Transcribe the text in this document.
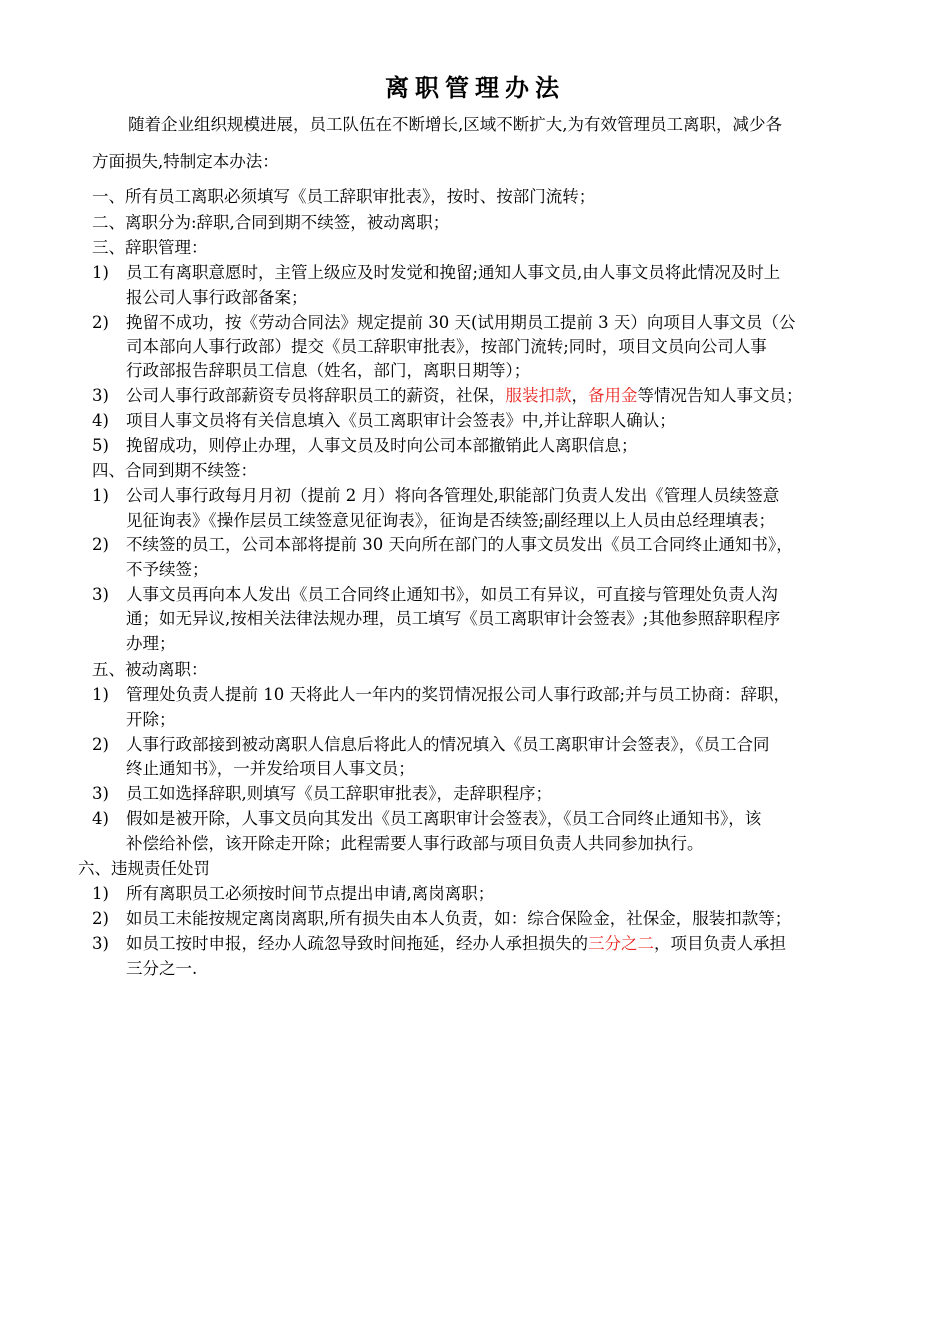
离职管理办法
随着企业组织规模进展，员工队伍在不断增长,区域不断扩大,为有效管理员工离职，减少各
方面损失,特制定本办法：
一、所有员工离职必须填写《员工辞职审批表》，按时、按部门流转；
二、离职分为:辞职,合同到期不续签，被动离职；
三、辞职管理：
1) 员工有离职意愿时，主管上级应及时发觉和挽留;通知人事文员,由人事文员将此情况及时上
报公司人事行政部备案；
2) 挽留不成功，按《劳动合同法》规定提前 30 天(试用期员工提前 3 天）向项目人事文员（公
司本部向人事行政部）提交《员工辞职审批表》，按部门流转;同时，项目文员向公司人事
行政部报告辞职员工信息（姓名，部门，离职日期等）；
3) 公司人事行政部薪资专员将辞职员工的薪资，社保，服装扣款，备用金等情况告知人事文员；
4) 项目人事文员将有关信息填入《员工离职审计会签表》中,并让辞职人确认；
5) 挽留成功，则停止办理，人事文员及时向公司本部撤销此人离职信息；
四、合同到期不续签：
1) 公司人事行政每月月初（提前 2 月）将向各管理处,职能部门负责人发出《管理人员续签意
见征询表》《操作层员工续签意见征询表》，征询是否续签;副经理以上人员由总经理填表；
2) 不续签的员工，公司本部将提前 30 天向所在部门的人事文员发出《员工合同终止通知书》，
不予续签；
3) 人事文员再向本人发出《员工合同终止通知书》，如员工有异议，可直接与管理处负责人沟
通；如无异议,按相关法律法规办理，员工填写《员工离职审计会签表》;其他参照辞职程序
办理；
五、被动离职：
1) 管理处负责人提前 10 天将此人一年内的奖罚情况报公司人事行政部;并与员工协商：辞职，
开除；
2) 人事行政部接到被动离职人信息后将此人的情况填入《员工离职审计会签表》，《员工合同
终止通知书》，一并发给项目人事文员；
3) 员工如选择辞职,则填写《员工辞职审批表》，走辞职程序；
4) 假如是被开除，人事文员向其发出《员工离职审计会签表》，《员工合同终止通知书》，该
补偿给补偿，该开除走开除；此程需要人事行政部与项目负责人共同参加执行。
六、违规责任处罚
1) 所有离职员工必须按时间节点提出申请,离岗离职；
2) 如员工未能按规定离岗离职,所有损失由本人负责，如：综合保险金，社保金，服装扣款等；
3) 如员工按时申报，经办人疏忽导致时间拖延，经办人承担损失的三分之二，项目负责人承担
三分之一.
